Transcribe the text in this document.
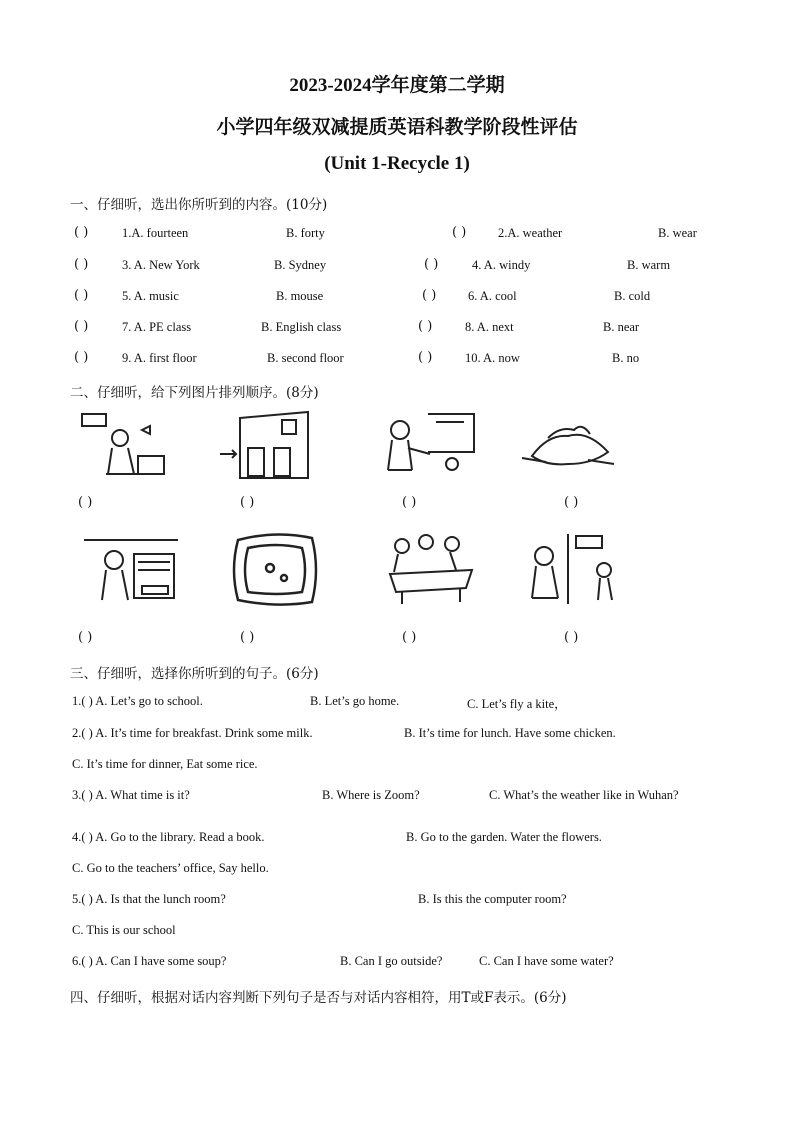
2023-2024学年度第二学期
小学四年级双减提质英语科教学阶段性评估
(Unit 1-Recycle 1)
一、仔细听，选出你所听到的内容。(10分)
( )	1.A. fourteen	B. forty	( )	2.A. weather	B. wear
( )	3. A. New York	B. Sydney	( )	4. A. windy	B. warm
( )	5. A. music	B. mouse	( )	6. A. cool	B. cold
( )	7. A. PE class	B. English class	( )	8. A. next	B. near
( )	9. A. first floor	B. second floor	( )	10. A. now	B. no
二、仔细听，给下列图片排列顺序。(8分)
( )	( )	( )	( )
( )	( )	( )	( )
三、仔细听，选择你所听到的句子。(6分)
1.( ) A. Let’s go to school.	B. Let’s go home.	C. Let’s fly a kite，
2.( ) A. It’s time for breakfast. Drink some milk.	B. It’s time for lunch. Have some chicken.
C. It’s time for dinner, Eat some rice.
3.( ) A. What time is it?	B. Where is Zoom?	C. What’s the weather like in Wuhan?
4.( ) A. Go to the library. Read a book.	B. Go to the garden. Water the flowers.
C. Go to the teachers’ office, Say hello.
5.( ) A. Is that the lunch room?	B. Is this the computer room?
C. This is our school
6.( ) A. Can I have some soup?	B. Can I go outside?	C. Can I have some water?
四、仔细听，根据对话内容判断下列句子是否与对话内容相符，用T或F表示。(6分)
